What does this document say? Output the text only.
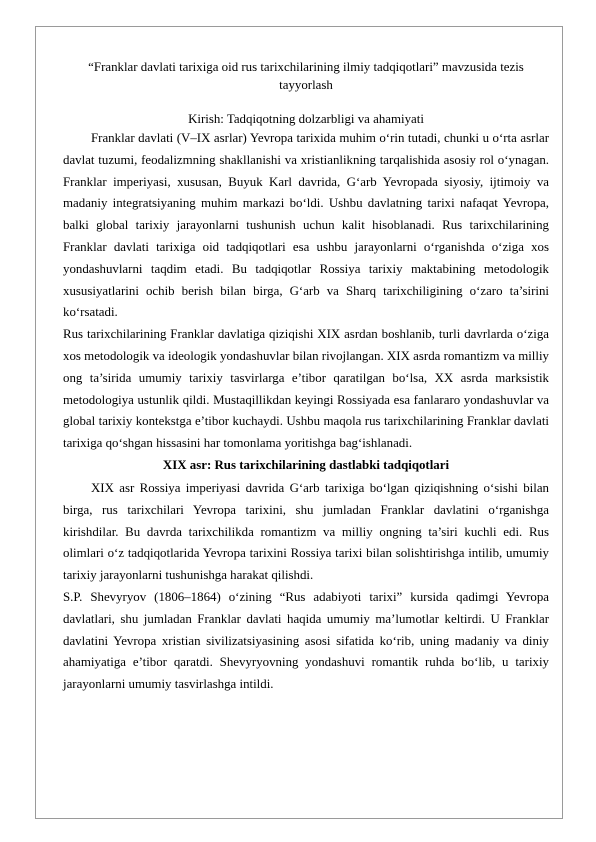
“Franklar davlati tarixiga oid rus tarixchilarining ilmiy tadqiqotlari” mavzusida tezis tayyorlash
Kirish: Tadqiqotning dolzarbligi va ahamiyati

Franklar davlati (V–IX asrlar) Yevropa tarixida muhim o‘rin tutadi, chunki u o‘rta asrlar davlat tuzumi, feodalizmning shakllanishi va xristianlikning tarqalishida asosiy rol o‘ynagan. Franklar imperiyasi, xususan, Buyuk Karl davrida, G‘arb Yevropada siyosiy, ijtimoiy va madaniy integratsiyaning muhim markazi bo‘ldi. Ushbu davlatning tarixi nafaqat Yevropa, balki global tarixiy jarayonlarni tushunish uchun kalit hisoblanadi. Rus tarixchilarining Franklar davlati tarixiga oid tadqiqotlari esa ushbu jarayonlarni o‘rganishda o‘ziga xos yondashuvlarni taqdim etadi. Bu tadqiqotlar Rossiya tarixiy maktabining metodologik xususiyatlarini ochib berish bilan birga, G‘arb va Sharq tarixchiligining o‘zaro ta’sirini ko‘rsatadi.

Rus tarixchilarining Franklar davlatiga qiziqishi XIX asrdan boshlanib, turli davrlarda o‘ziga xos metodologik va ideologik yondashuvlar bilan rivojlangan. XIX asrda romantizm va milliy ong ta’sirida umumiy tarixiy tasvirlarga e’tibor qaratilgan bo‘lsa, XX asrda marksistik metodologiya ustunlik qildi. Mustaqillikdan keyingi Rossiyada esa fanlararo yondashuvlar va global tarixiy kontekstga e’tibor kuchaydi. Ushbu maqola rus tarixchilarining Franklar davlati tarixiga qo‘shgan hissasini har tomonlama yoritishga bag‘ishlanadi.

XIX asr: Rus tarixchilarining dastlabki tadqiqotlari

XIX asr Rossiya imperiyasi davrida G‘arb tarixiga bo‘lgan qiziqishning o‘sishi bilan birga, rus tarixchilari Yevropa tarixini, shu jumladan Franklar davlatini o‘rganishga kirishdilar. Bu davrda tarixchilikda romantizm va milliy ongning ta’siri kuchli edi. Rus olimlari o‘z tadqiqotlarida Yevropa tarixini Rossiya tarixi bilan solishtirishga intilib, umumiy tarixiy jarayonlarni tushunishga harakat qilishdi.

S.P. Shevyryov (1806–1864) o‘zining “Rus adabiyoti tarixi” kursida qadimgi Yevropa davlatlari, shu jumladan Franklar davlati haqida umumiy ma’lumotlar keltirdi. U Franklar davlatini Yevropa xristian sivilizatsiyasining asosi sifatida ko‘rib, uning madaniy va diniy ahamiyatiga e’tibor qaratdi. Shevyryovning yondashuvi romantik ruhda bo‘lib, u tarixiy jarayonlarni umumiy tasvirlashga intildi.
